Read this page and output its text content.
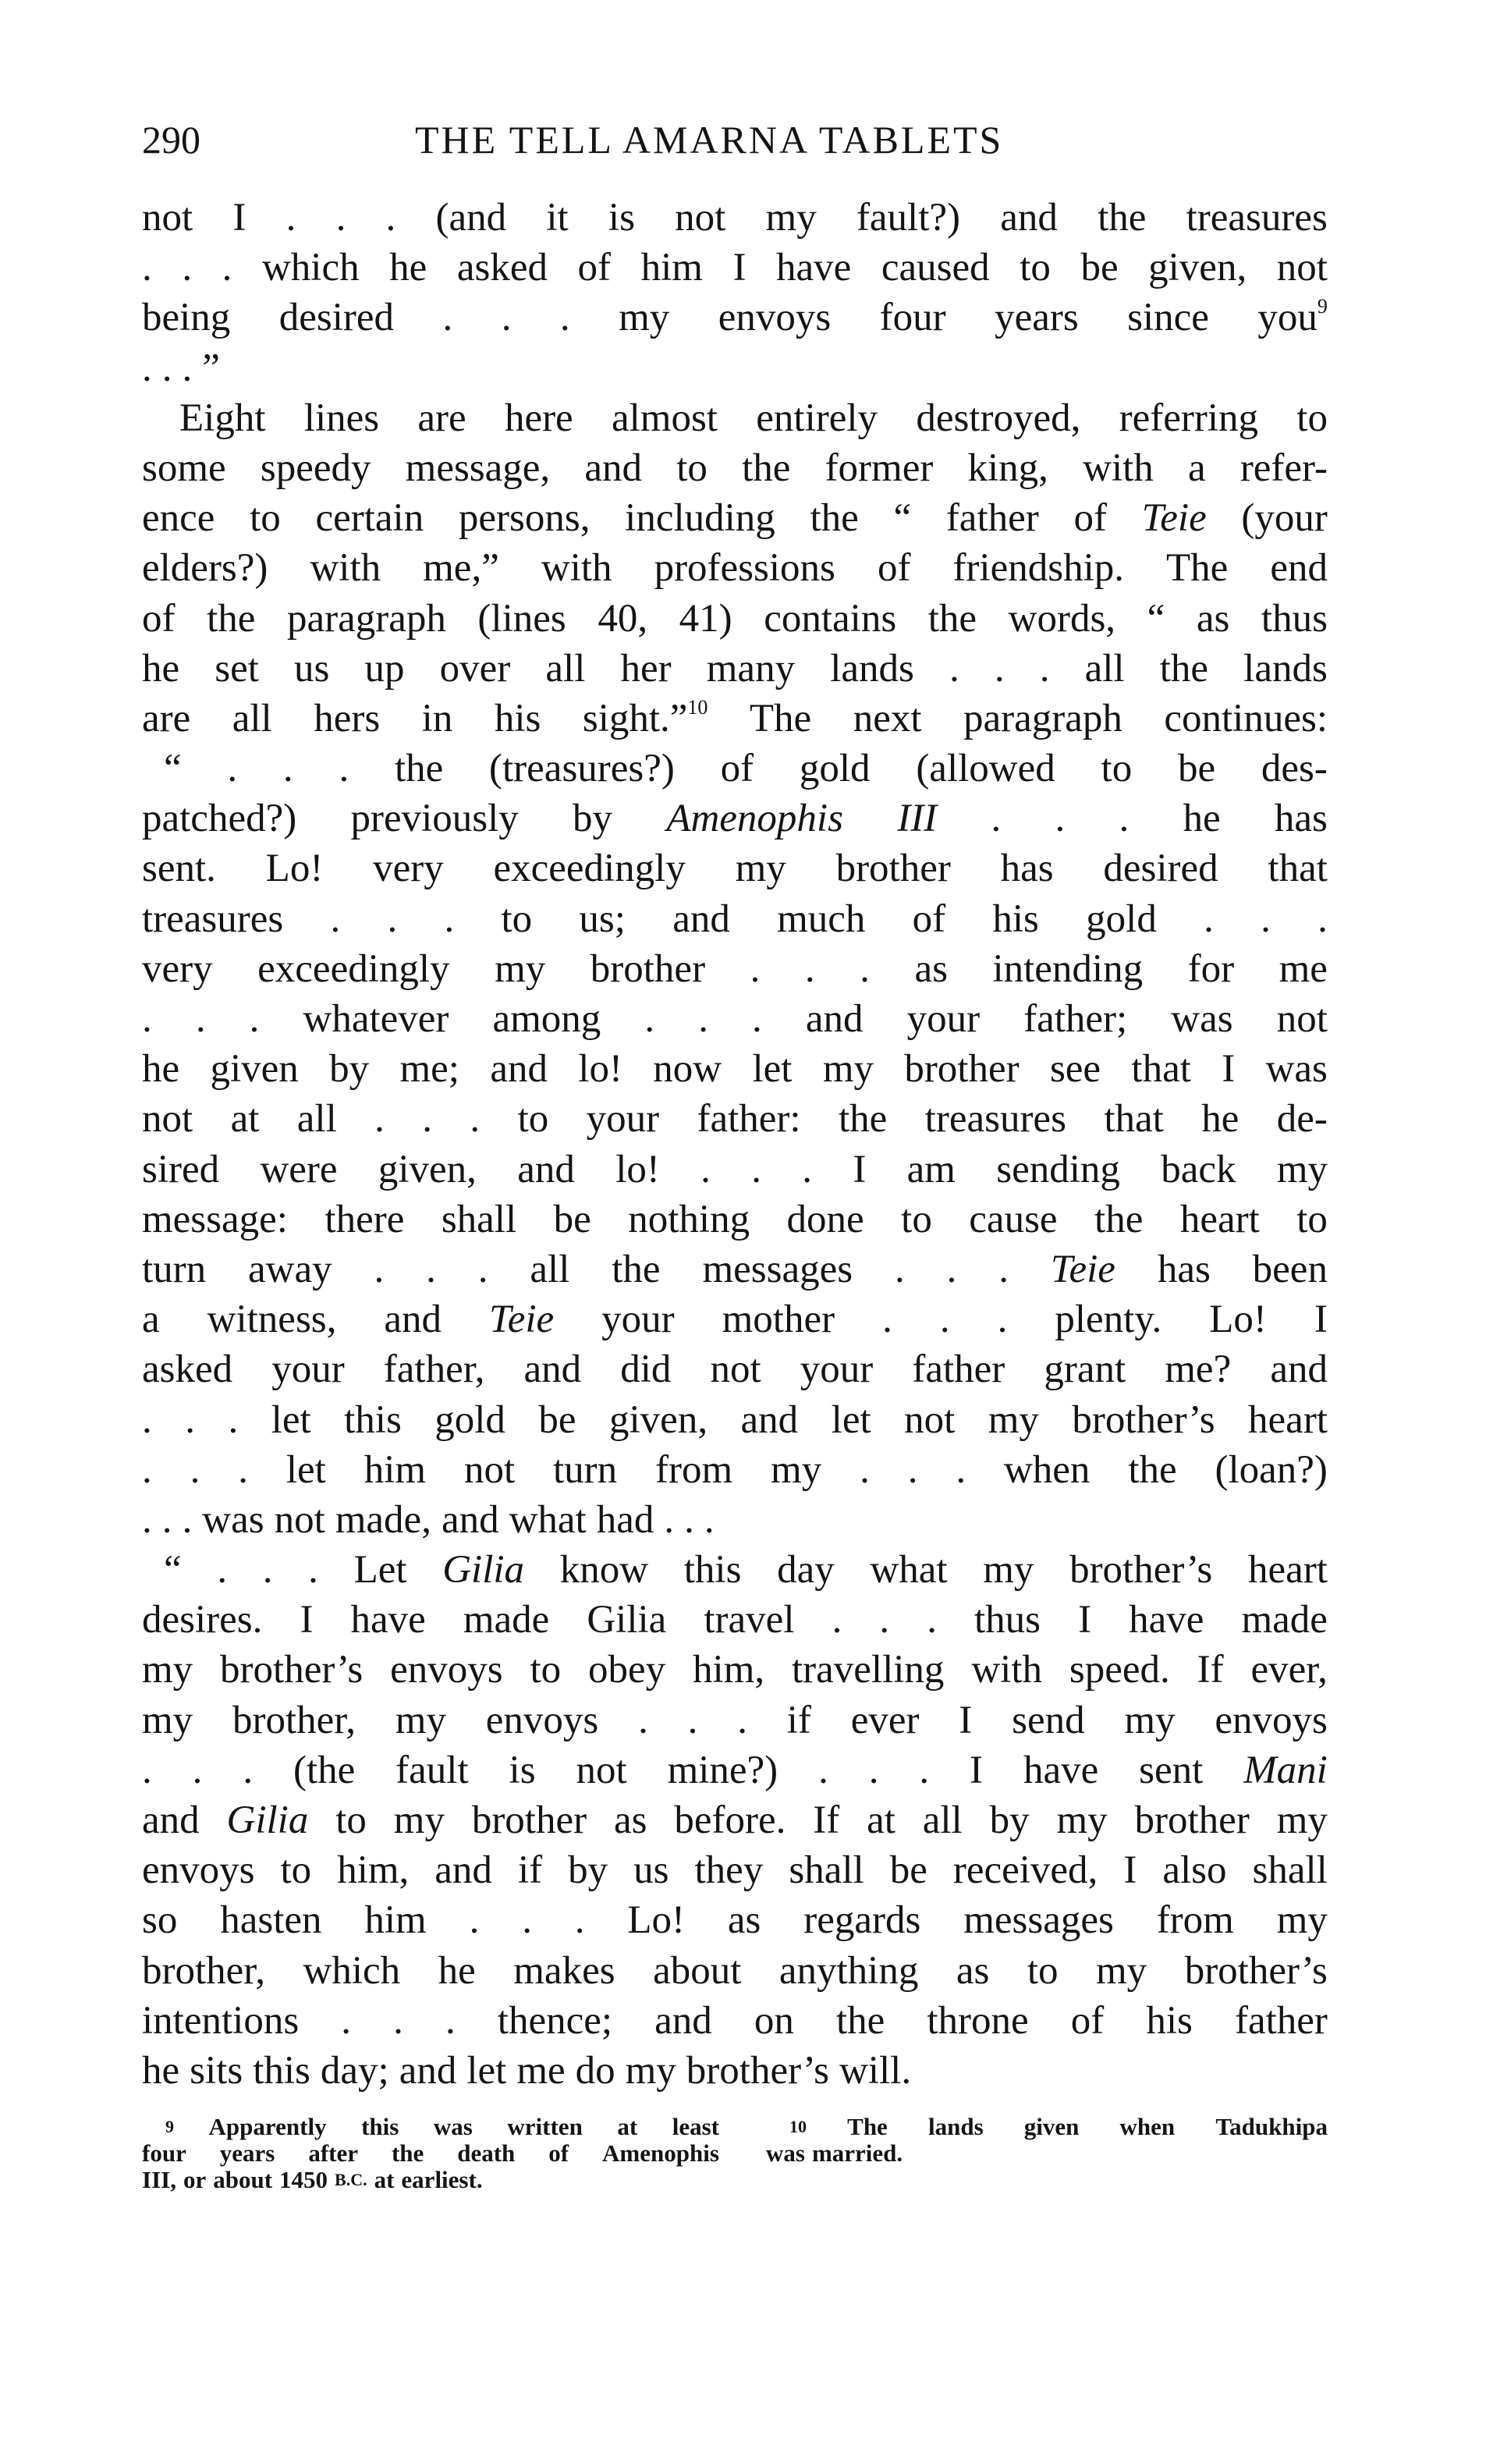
290	THE TELL AMARNA TABLETS
not I . . . (and it is not my fault?) and the treasures
. . . which he asked of him I have caused to be given, not
being desired . . . my envoys four years since you$^9$
. . . ”
Eight lines are here almost entirely destroyed, referring to
some speedy message, and to the former king, with a refer-
ence to certain persons, including the “ father of Teie (your
elders?) with me,” with professions of friendship. The end
of the paragraph (lines 40, 41) contains the words, “ as thus
he set us up over all her many lands . . . all the lands
are all hers in his sight.”$^{10}$ The next paragraph continues:
“ . . . the (treasures?) of gold (allowed to be des-
patched?) previously by Amenophis III . . . he has
sent. Lo! very exceedingly my brother has desired that
treasures . . . to us; and much of his gold . . .
very exceedingly my brother . . . as intending for me
. . . whatever among . . . and your father; was not
he given by me; and lo! now let my brother see that I was
not at all . . . to your father: the treasures that he de-
sired were given, and lo! . . . I am sending back my
message: there shall be nothing done to cause the heart to
turn away . . . all the messages . . . Teie has been
a witness, and Teie your mother . . . plenty. Lo! I
asked your father, and did not your father grant me? and
. . . let this gold be given, and let not my brother’s heart
. . . let him not turn from my . . . when the (loan?)
. . . was not made, and what had . . .
“ . . . Let Gilia know this day what my brother’s heart
desires. I have made Gilia travel . . . thus I have made
my brother’s envoys to obey him, travelling with speed. If ever,
my brother, my envoys . . . if ever I send my envoys
. . . (the fault is not mine?) . . . I have sent Mani
and Gilia to my brother as before. If at all by my brother my
envoys to him, and if by us they shall be received, I also shall
so hasten him . . . Lo! as regards messages from my
brother, which he makes about anything as to my brother’s
intentions . . . thence; and on the throne of his father
he sits this day; and let me do my brother’s will.
9 Apparently this was written at least
four years after the death of Amenophis
III, or about 1450 B.C. at earliest.
10 The lands given when Tadukhipa
was married.
